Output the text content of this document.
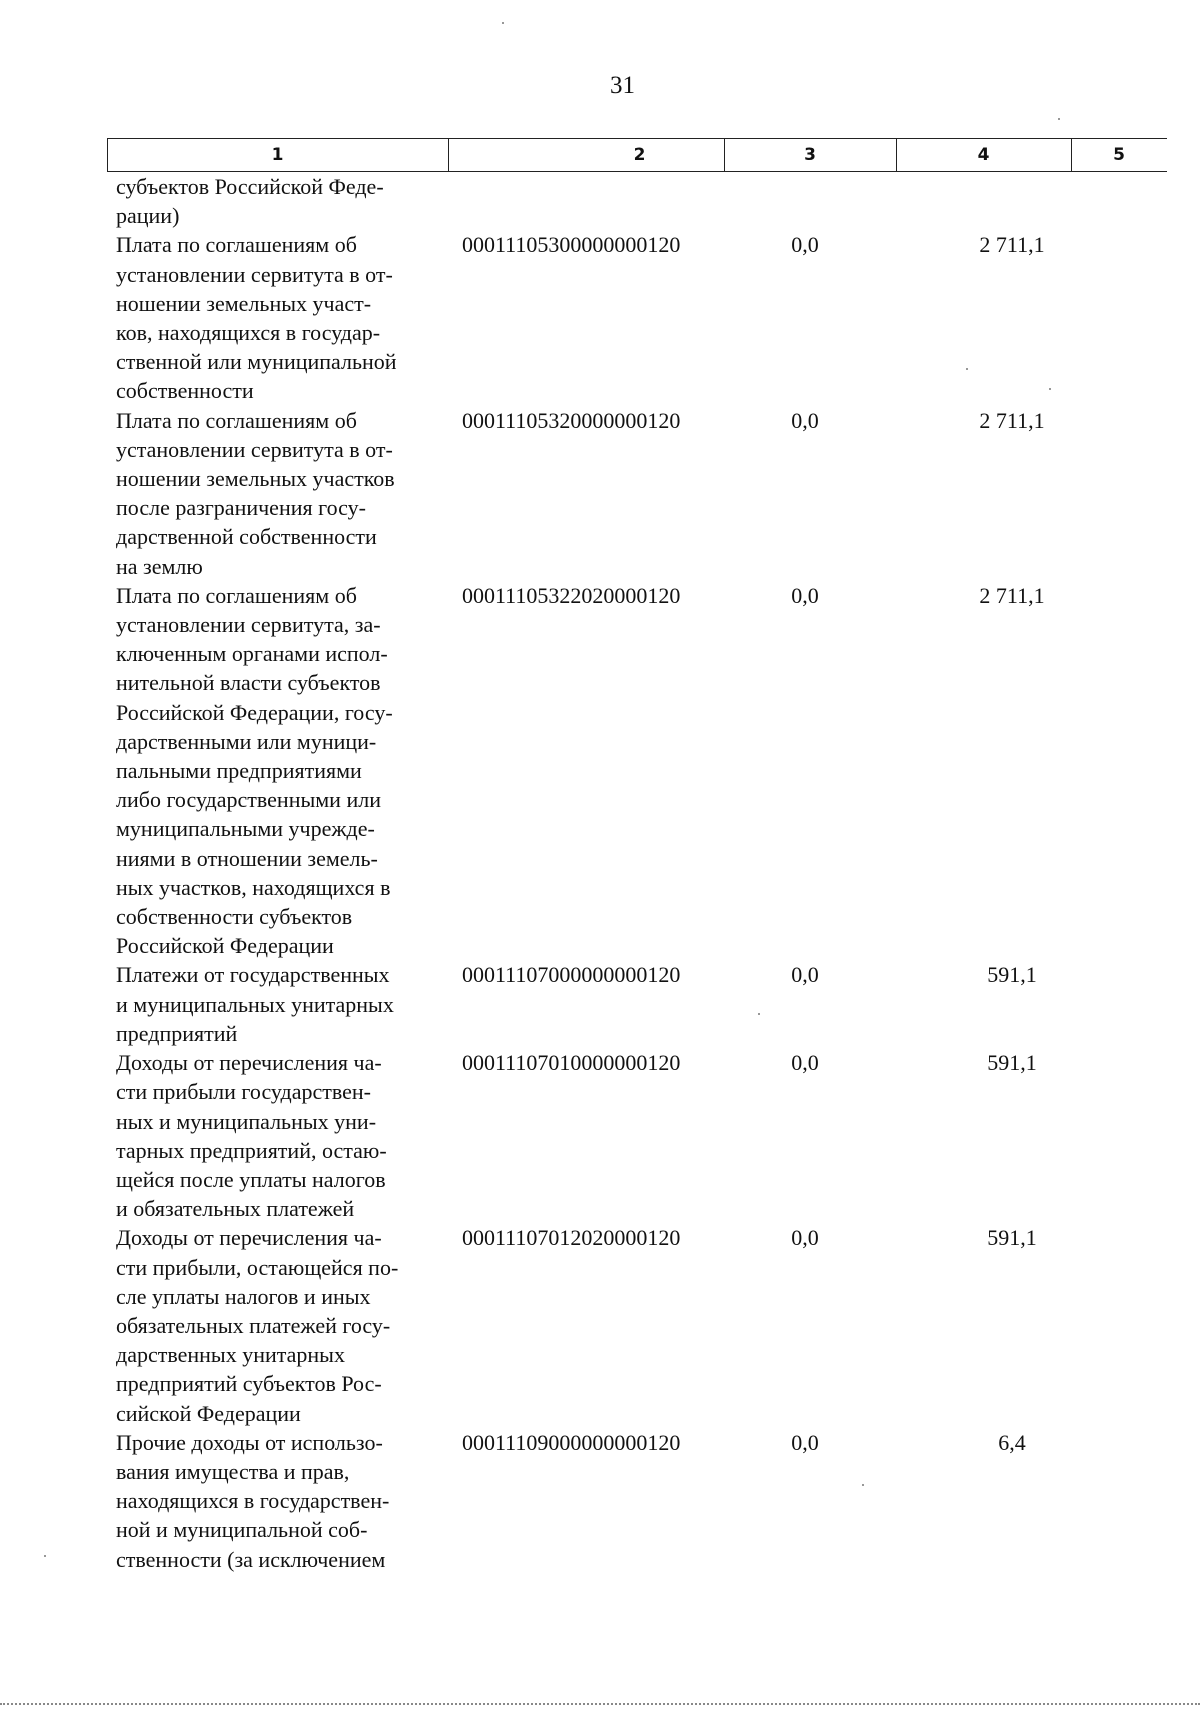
31
1	2	3	4	5
субъектов Российской Феде-
рации)
Плата по соглашениям об
установлении сервитута в от-
ношении земельных участ-
ков, находящихся в государ-
ственной или муниципальной
собственности
00011105300000000120	0,0	2 711,1
Плата по соглашениям об
установлении сервитута в от-
ношении земельных участков
после разграничения госу-
дарственной собственности
на землю
00011105320000000120	0,0	2 711,1
Плата по соглашениям об
установлении сервитута, за-
ключенным органами испол-
нительной власти субъектов
Российской Федерации, госу-
дарственными или муници-
пальными предприятиями
либо государственными или
муниципальными учрежде-
ниями в отношении земель-
ных участков, находящихся в
собственности субъектов
Российской Федерации
00011105322020000120	0,0	2 711,1
Платежи от государственных
и муниципальных унитарных
предприятий
00011107000000000120	0,0	591,1
Доходы от перечисления ча-
сти прибыли государствен-
ных и муниципальных уни-
тарных предприятий, остаю-
щейся после уплаты налогов
и обязательных платежей
00011107010000000120	0,0	591,1
Доходы от перечисления ча-
сти прибыли, остающейся по-
сле уплаты налогов и иных
обязательных платежей госу-
дарственных унитарных
предприятий субъектов Рос-
сийской Федерации
00011107012020000120	0,0	591,1
Прочие доходы от использо-
вания имущества и прав,
находящихся в государствен-
ной и муниципальной соб-
ственности (за исключением
00011109000000000120	0,0	6,4
